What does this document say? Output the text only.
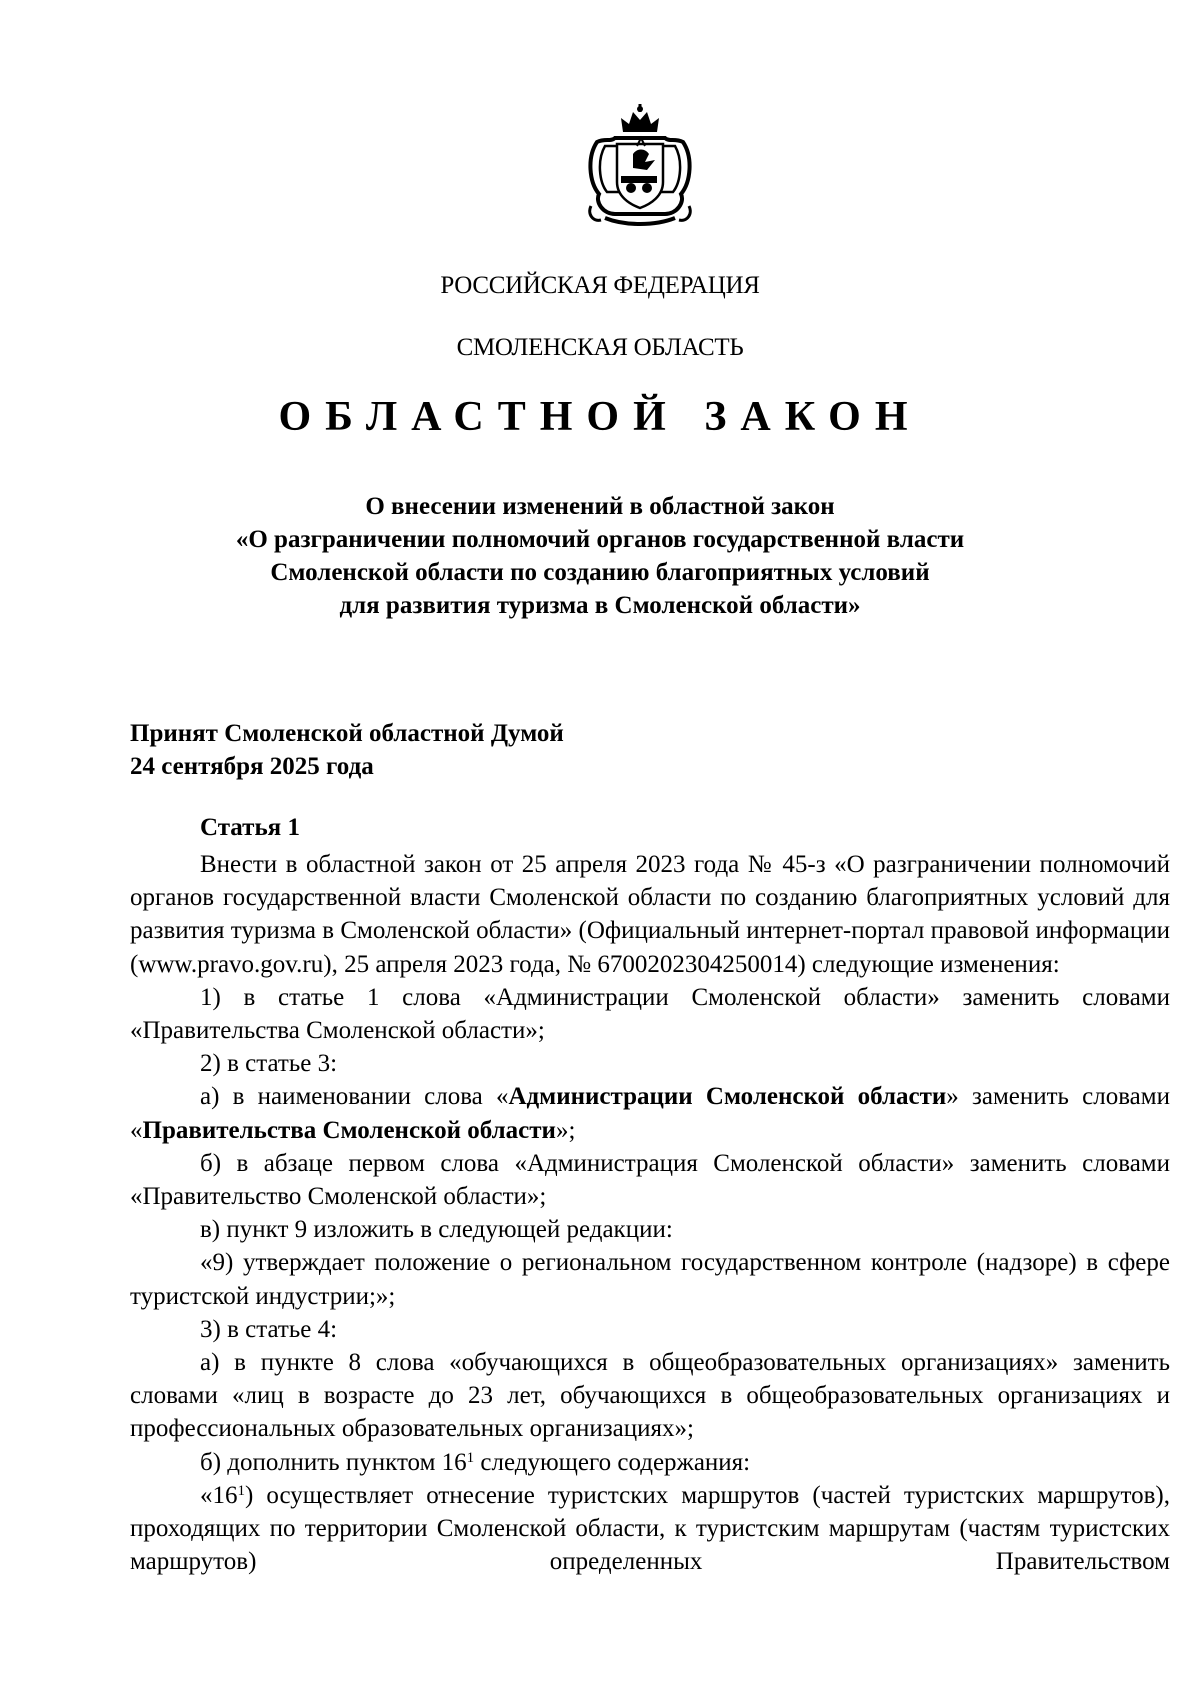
РОССИЙСКАЯ ФЕДЕРАЦИЯ
СМОЛЕНСКАЯ ОБЛАСТЬ
ОБЛАСТНОЙ ЗАКОН
О внесении изменений в областной закон
«О разграничении полномочий органов государственной власти
Смоленской области по созданию благоприятных условий
для развития туризма в Смоленской области»
Принят Смоленской областной Думой
24 сентября 2025 года
Статья 1

Внести в областной закон от 25 апреля 2023 года № 45-з «О разграничении полномочий органов государственной власти Смоленской области по созданию благоприятных условий для развития туризма в Смоленской области» (Официальный интернет-портал правовой информации (www.pravo.gov.ru), 25 апреля 2023 года, № 6700202304250014) следующие изменения:

1) в статье 1 слова «Администрации Смоленской области» заменить словами «Правительства Смоленской области»;

2) в статье 3:

а) в наименовании слова «Администрации Смоленской области» заменить словами «Правительства Смоленской области»;

б) в абзаце первом слова «Администрация Смоленской области» заменить словами «Правительство Смоленской области»;

в) пункт 9 изложить в следующей редакции:

«9) утверждает положение о региональном государственном контроле (надзоре) в сфере туристской индустрии;»;

3) в статье 4:

а) в пункте 8 слова «обучающихся в общеобразовательных организациях» заменить словами «лиц в возрасте до 23 лет, обучающихся в общеобразовательных организациях и профессиональных образовательных организациях»;

б) дополнить пунктом $16^1$ следующего содержания:

«$16^1$) осуществляет отнесение туристских маршрутов (частей туристских маршрутов), проходящих по территории Смоленской области, к туристским маршрутам (частям туристских маршрутов) определенных Правительством
